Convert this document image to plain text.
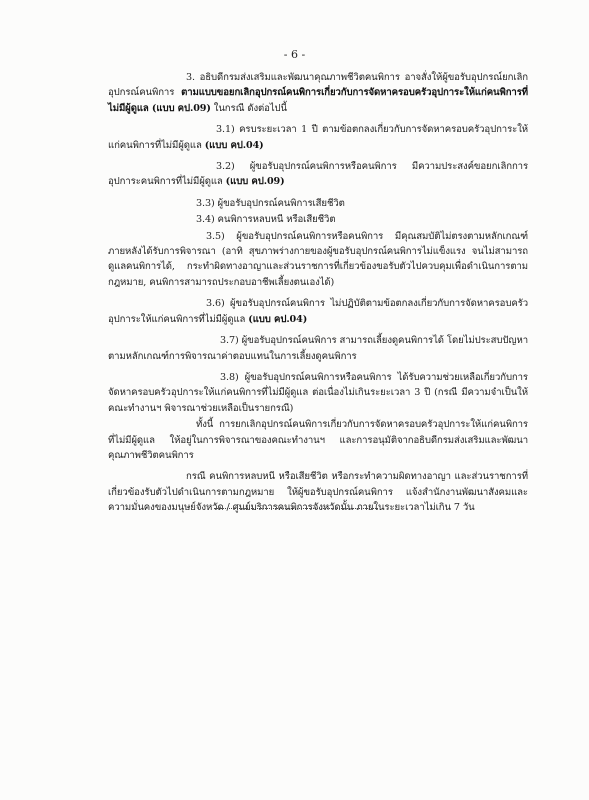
- 6 -

3. อธิบดีกรมส่งเสริมและพัฒนาคุณภาพชีวิตคนพิการ อาจสั่งให้ผู้ขอรับอุปกรณ์ยกเลิกอุปกรณ์คนพิการ ตามแบบขอยกเลิกอุปกรณ์คนพิการเกี่ยวกับการจัดหาครอบครัวอุปการะให้แก่คนพิการที่ไม่มีผู้ดูแล (แบบ คป.09) ในกรณี ดังต่อไปนี้

3.1) ครบระยะเวลา 1 ปี ตามข้อตกลงเกี่ยวกับการจัดหาครอบครัวอุปการะให้แก่คนพิการที่ไม่มีผู้ดูแล (แบบ คป.04)

3.2) ผู้ขอรับอุปกรณ์คนพิการหรือคนพิการ มีความประสงค์ขอยกเลิกการอุปการะคนพิการที่ไม่มีผู้ดูแล (แบบ คป.09)

3.3) ผู้ขอรับอุปกรณ์คนพิการเสียชีวิต

3.4) คนพิการหลบหนี หรือเสียชีวิต

3.5) ผู้ขอรับอุปกรณ์คนพิการหรือคนพิการ มีคุณสมบัติไม่ตรงตามหลักเกณฑ์ ภายหลังได้รับการพิจารณา (อาทิ สุขภาพร่างกายของผู้ขอรับอุปกรณ์คนพิการไม่แข็งแรง จนไม่สามารถดูแลคนพิการได้, กระทำผิดทางอาญาและส่วนราชการที่เกี่ยวข้องขอรับตัวไปควบคุมเพื่อดำเนินการตามกฎหมาย, คนพิการสามารถประกอบอาชีพเลี้ยงตนเองได้)

3.6) ผู้ขอรับอุปกรณ์คนพิการ ไม่ปฏิบัติตามข้อตกลงเกี่ยวกับการจัดหาครอบครัวอุปการะให้แก่คนพิการที่ไม่มีผู้ดูแล (แบบ คป.04)

3.7) ผู้ขอรับอุปกรณ์คนพิการ สามารถเลี้ยงดูคนพิการได้ โดยไม่ประสบปัญหาตามหลักเกณฑ์การพิจารณาค่าตอบแทนในการเลี้ยงดูคนพิการ

3.8) ผู้ขอรับอุปกรณ์คนพิการหรือคนพิการ ได้รับความช่วยเหลือเกี่ยวกับการจัดหาครอบครัวอุปการะให้แก่คนพิการที่ไม่มีผู้ดูแล ต่อเนื่องไม่เกินระยะเวลา 3 ปี (กรณี มีความจำเป็นให้คณะทำงานฯ พิจารณาช่วยเหลือเป็นรายกรณี)

ทั้งนี้ การยกเลิกอุปกรณ์คนพิการเกี่ยวกับการจัดหาครอบครัวอุปการะให้แก่คนพิการที่ไม่มีผู้ดูแล ให้อยู่ในการพิจารณาของคณะทำงานฯ และการอนุมัติจากอธิบดีกรมส่งเสริมและพัฒนาคุณภาพชีวิตคนพิการ

กรณี คนพิการหลบหนี หรือเสียชีวิต หรือกระทำความผิดทางอาญา และส่วนราชการที่เกี่ยวข้องรับตัวไปดำเนินการตามกฎหมาย ให้ผู้ขอรับอุปกรณ์คนพิการ แจ้งสำนักงานพัฒนาสังคมและความมั่นคงของมนุษย์จังหวัด / ศูนย์บริการคนพิการจังหวัดนั้น ภายในระยะเวลาไม่เกิน 7 วัน
